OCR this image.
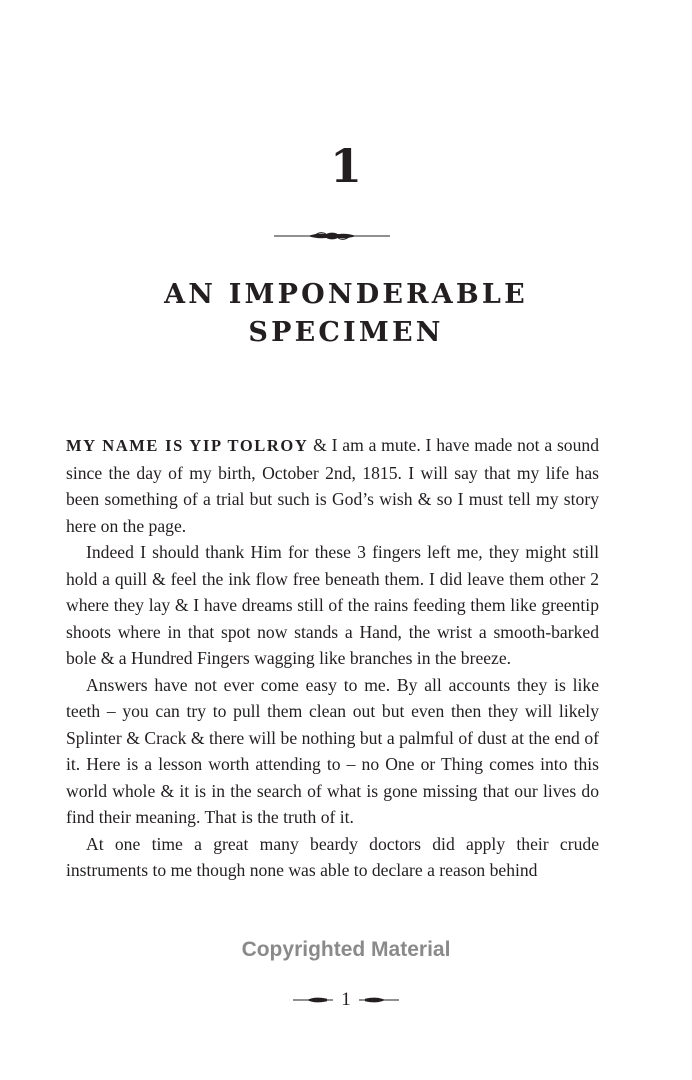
1
AN IMPONDERABLE
SPECIMEN

MY NAME IS YIP TOLROY & I am a mute. I have made not a sound since the day of my birth, October 2nd, 1815. I will say that my life has been something of a trial but such is God’s wish & so I must tell my story here on the page.

Indeed I should thank Him for these 3 fingers left me, they might still hold a quill & feel the ink flow free beneath them. I did leave them other 2 where they lay & I have dreams still of the rains feeding them like greentip shoots where in that spot now stands a Hand, the wrist a smooth-barked bole & a Hundred Fingers wagging like branches in the breeze.

Answers have not ever come easy to me. By all accounts they is like teeth – you can try to pull them clean out but even then they will likely Splinter & Crack & there will be nothing but a palmful of dust at the end of it. Here is a lesson worth attending to – no One or Thing comes into this world whole & it is in the search of what is gone missing that our lives do find their meaning. That is the truth of it.

At one time a great many beardy doctors did apply their crude instruments to me though none was able to declare a reason behind

Copyrighted Material
1
